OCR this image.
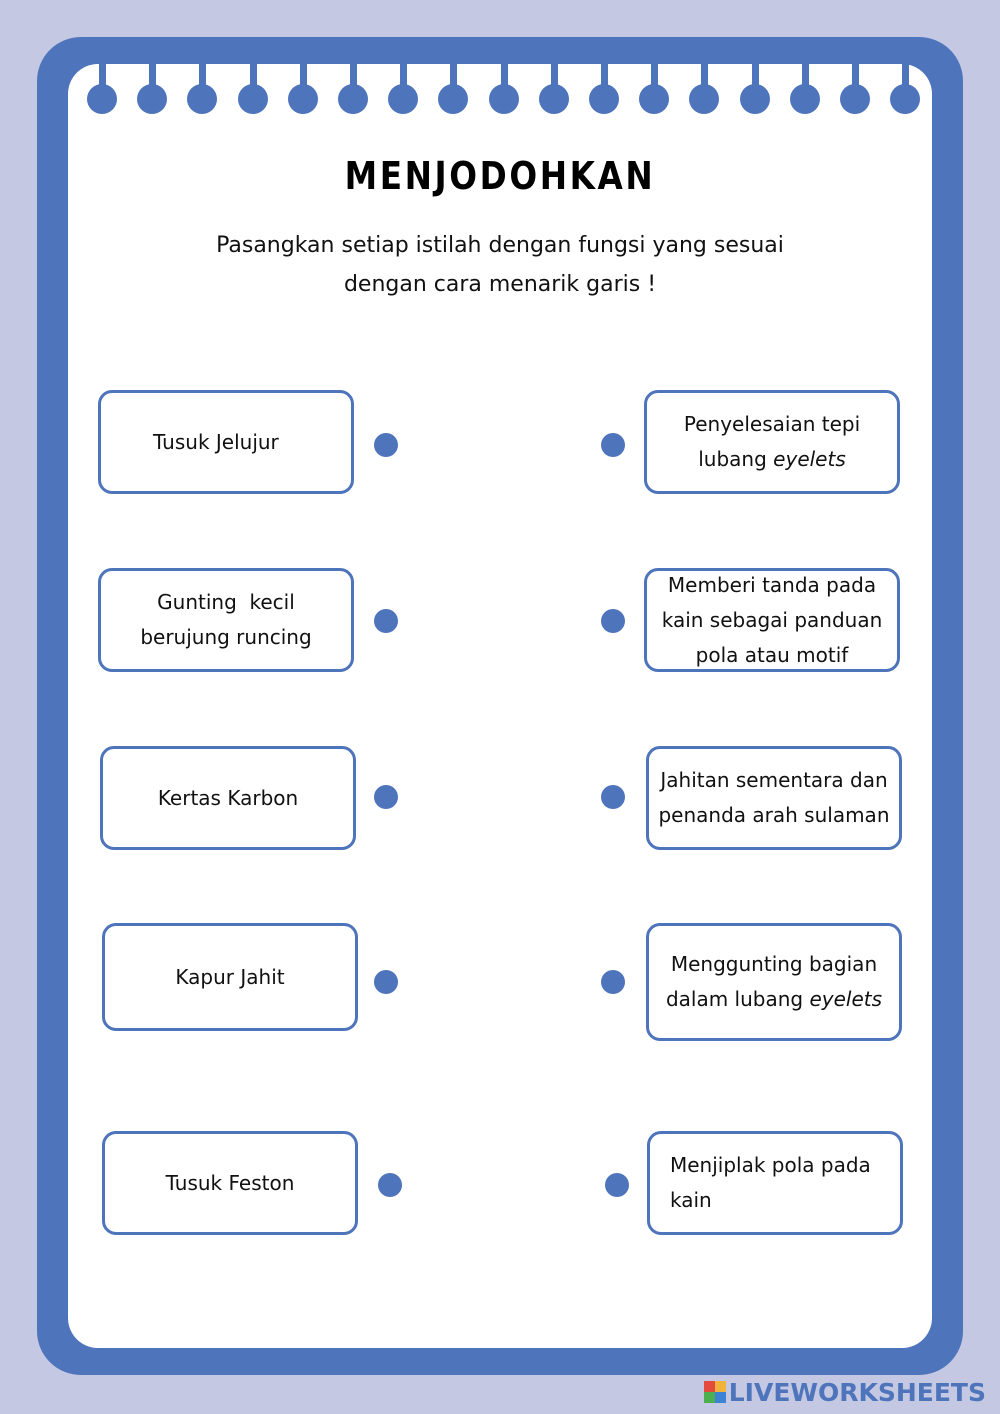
MENJODOHKAN
Pasangkan setiap istilah dengan fungsi yang sesuai
dengan cara menarik garis !
Tusuk Jelujur
Gunting  kecil
berujung runcing
Kertas Karbon
Kapur Jahit
Tusuk Feston
Penyelesaian tepi
lubang eyelets
Memberi tanda pada
kain sebagai panduan
pola atau motif
Jahitan sementara dan
penanda arah sulaman
Menggunting bagian
dalam lubang eyelets
Menjiplak pola pada
kain
LIVEWORKSHEETS
